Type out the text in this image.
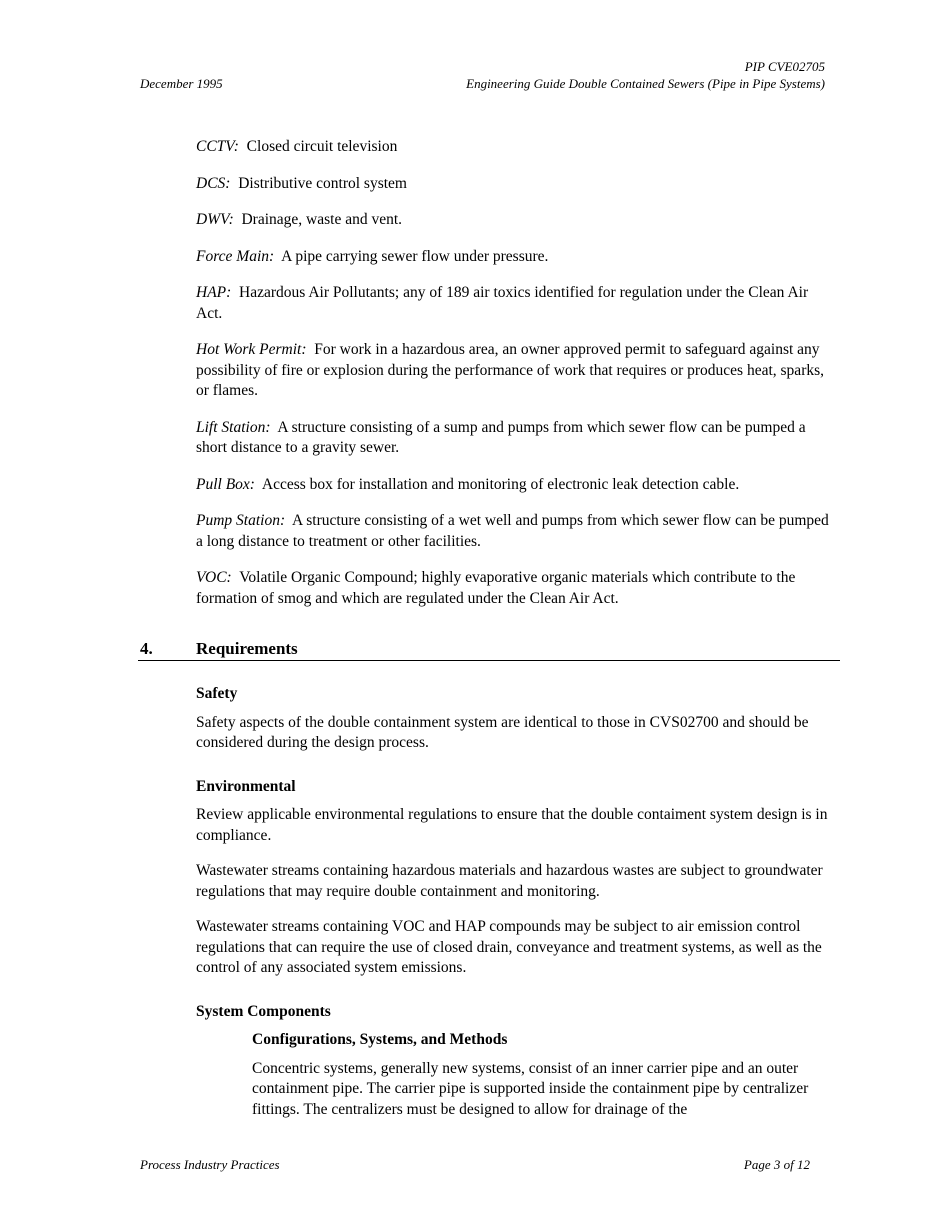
PIP CVE02705
Engineering Guide Double Contained Sewers (Pipe in Pipe Systems)
December 1995

CCTV: Closed circuit television

DCS: Distributive control system

DWV: Drainage, waste and vent.

Force Main: A pipe carrying sewer flow under pressure.

HAP: Hazardous Air Pollutants; any of 189 air toxics identified for regulation under the Clean Air Act.

Hot Work Permit: For work in a hazardous area, an owner approved permit to safeguard against any possibility of fire or explosion during the performance of work that requires or produces heat, sparks, or flames.

Lift Station: A structure consisting of a sump and pumps from which sewer flow can be pumped a short distance to a gravity sewer.

Pull Box: Access box for installation and monitoring of electronic leak detection cable.

Pump Station: A structure consisting of a wet well and pumps from which sewer flow can be pumped a long distance to treatment or other facilities.

VOC: Volatile Organic Compound; highly evaporative organic materials which contribute to the formation of smog and which are regulated under the Clean Air Act.

4.	Requirements

Safety

Safety aspects of the double containment system are identical to those in CVS02700 and should be considered during the design process.

Environmental

Review applicable environmental regulations to ensure that the double contaiment system design is in compliance.

Wastewater streams containing hazardous materials and hazardous wastes are subject to groundwater regulations that may require double containment and monitoring.

Wastewater streams containing VOC and HAP compounds may be subject to air emission control regulations that can require the use of closed drain, conveyance and treatment systems, as well as the control of any associated system emissions.

System Components

Configurations, Systems, and Methods

Concentric systems, generally new systems, consist of an inner carrier pipe and an outer containment pipe. The carrier pipe is supported inside the containment pipe by centralizer fittings. The centralizers must be designed to allow for drainage of the

Process Industry Practices	Page 3 of 12
